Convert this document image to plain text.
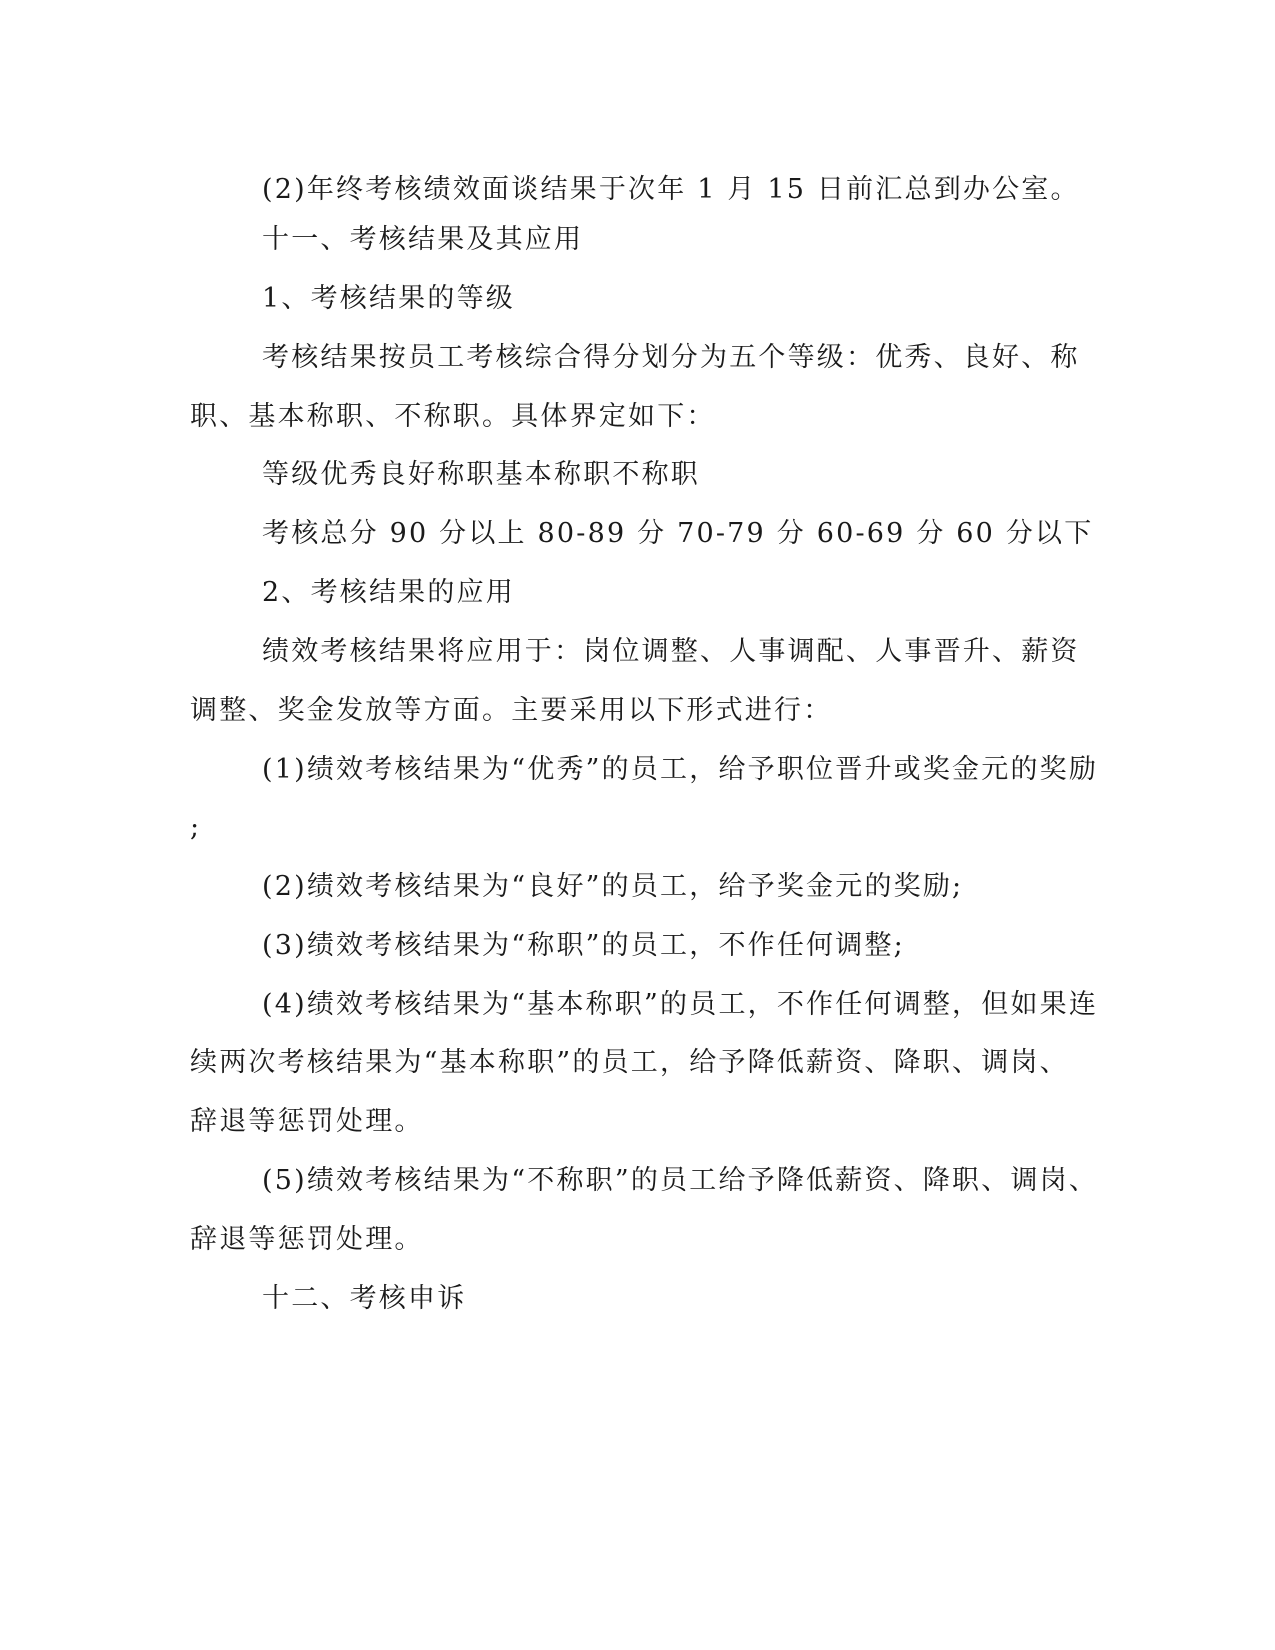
(2)年终考核绩效面谈结果于次年 1 月 15 日前汇总到办公室。
十一、考核结果及其应用
1、考核结果的等级
考核结果按员工考核综合得分划分为五个等级：优秀、良好、称
职、基本称职、不称职。具体界定如下：
等级优秀良好称职基本称职不称职
考核总分 90 分以上 80-89 分 70-79 分 60-69 分 60 分以下
2、考核结果的应用
绩效考核结果将应用于：岗位调整、人事调配、人事晋升、薪资
调整、奖金发放等方面。主要采用以下形式进行：
(1)绩效考核结果为“优秀”的员工，给予职位晋升或奖金元的奖励
;
(2)绩效考核结果为“良好”的员工，给予奖金元的奖励;
(3)绩效考核结果为“称职”的员工，不作任何调整;
(4)绩效考核结果为“基本称职”的员工，不作任何调整，但如果连
续两次考核结果为“基本称职”的员工，给予降低薪资、降职、调岗、
辞退等惩罚处理。
(5)绩效考核结果为“不称职”的员工给予降低薪资、降职、调岗、
辞退等惩罚处理。
十二、考核申诉
